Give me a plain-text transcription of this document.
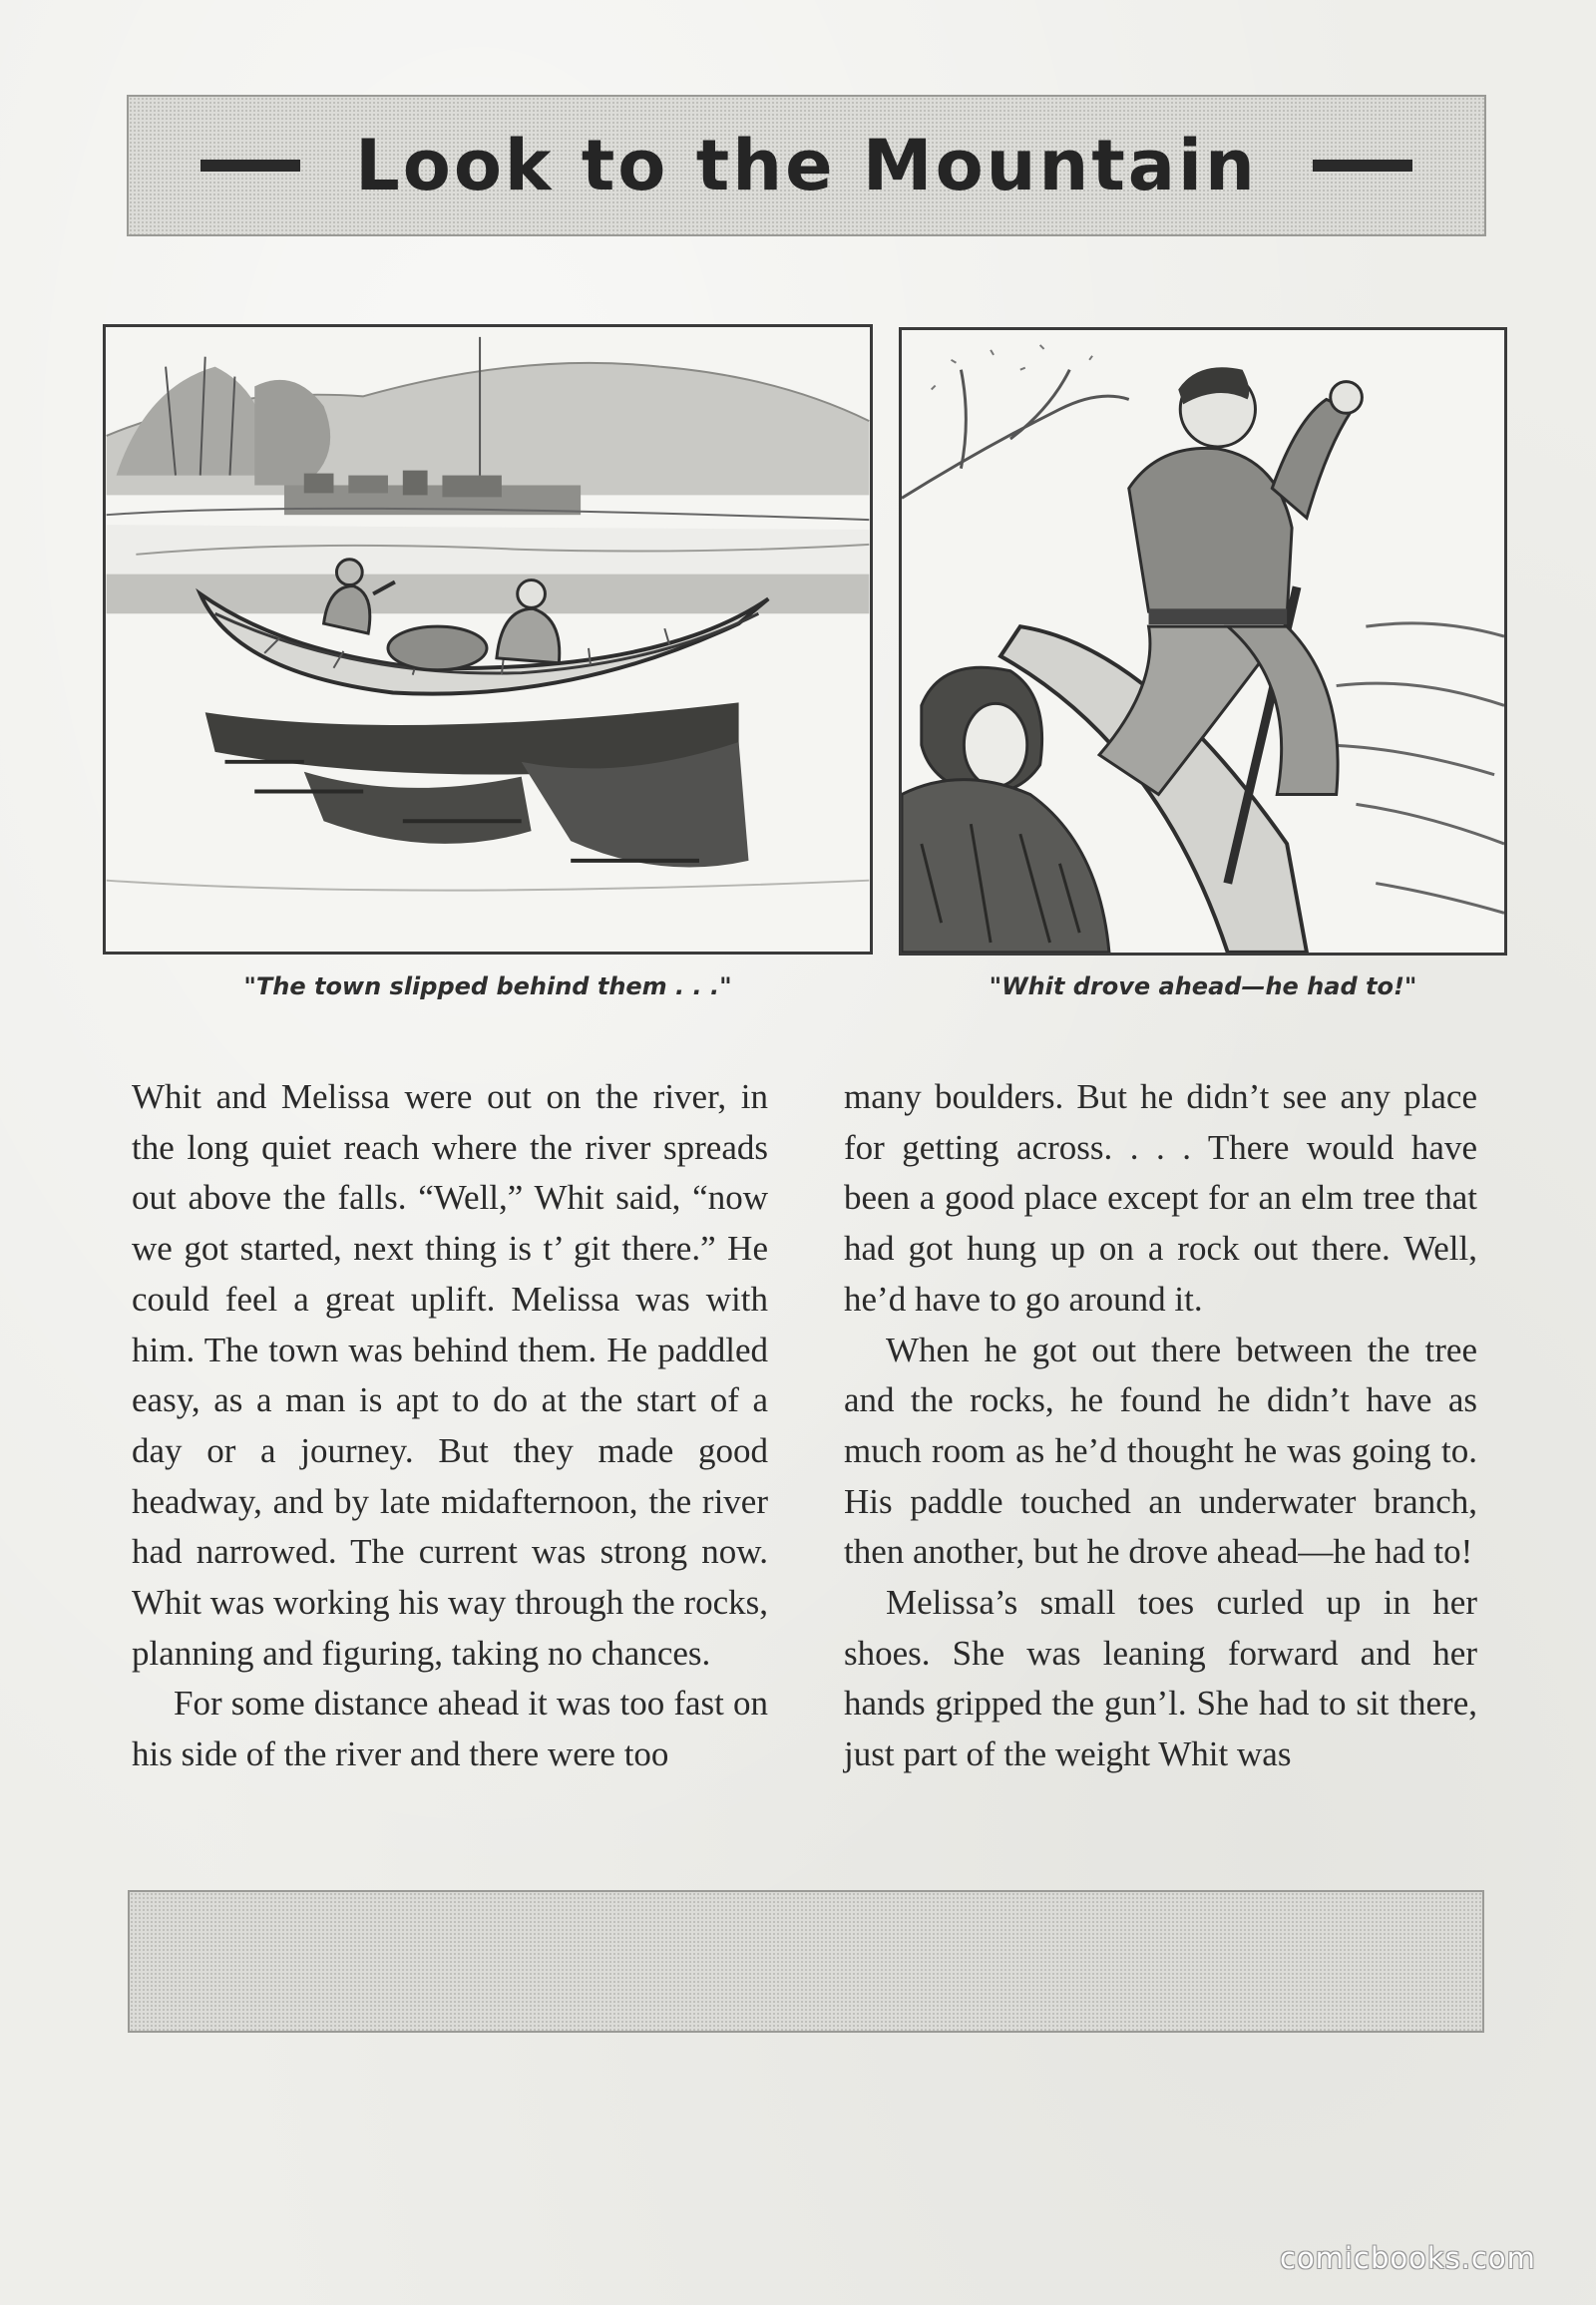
Look to the Mountain
"The town slipped behind them . . ."	"Whit drove ahead—he had to!"

Whit and Melissa were out on the river, in the long quiet reach where the river spreads out above the falls. “Well,” Whit said, “now we got started, next thing is t’ git there.” He could feel a great uplift. Melissa was with him. The town was behind them. He paddled easy, as a man is apt to do at the start of a day or a journey. But they made good headway, and by late midafternoon, the river had narrowed. The current was strong now. Whit was working his way through the rocks, planning and figuring, taking no chances.

For some distance ahead it was too fast on his side of the river and there were too

many boulders. But he didn’t see any place for getting across. . . . There would have been a good place except for an elm tree that had got hung up on a rock out there. Well, he’d have to go around it.

When he got out there between the tree and the rocks, he found he didn’t have as much room as he’d thought he was going to. His paddle touched an underwater branch, then another, but he drove ahead—he had to!

Melissa’s small toes curled up in her shoes. She was leaning forward and her hands gripped the gun’l. She had to sit there, just part of the weight Whit was

comicbooks.com
